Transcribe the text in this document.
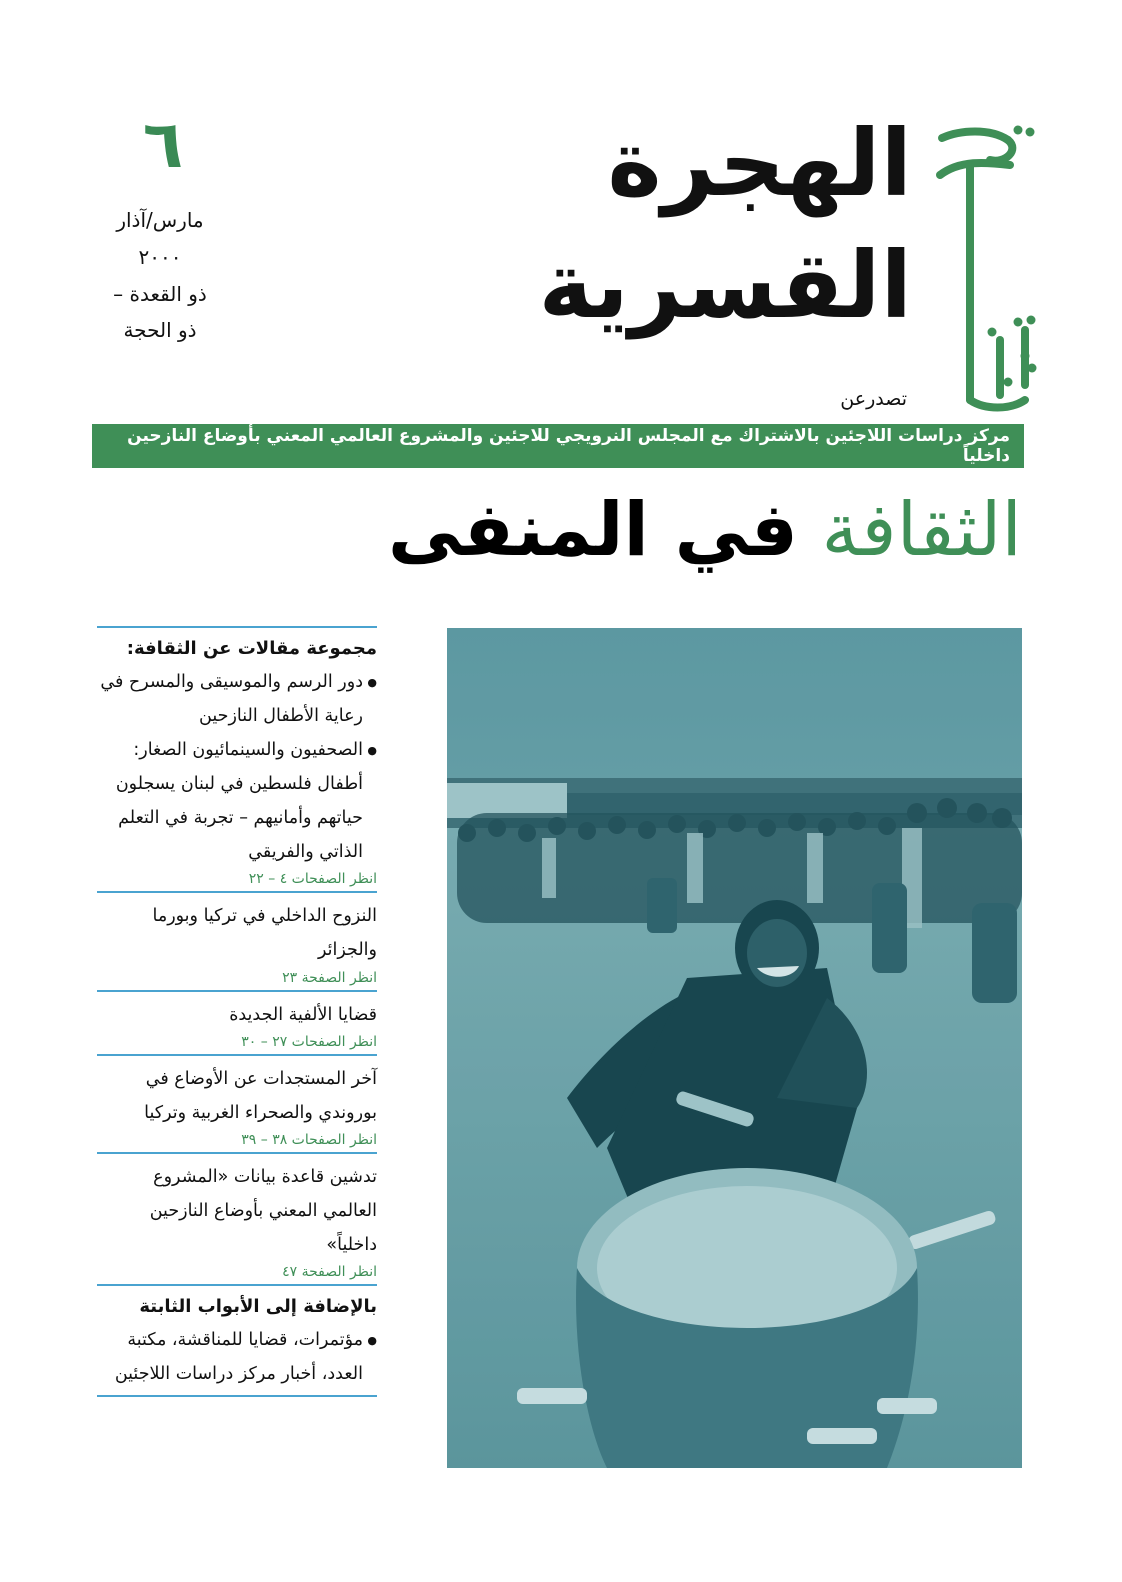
٦
مارس/آذار
٢٠٠٠
ذو القعدة –
ذو الحجة
الهجرة
القسرية
تصدرعن
مركز دراسات اللاجئين بالاشتراك مع المجلس النرويجي للاجئين والمشروع العالمي المعني بأوضاع النازحين داخلياً
الثقافة في المنفى
مجموعة مقالات عن الثقافة:
● دور الرسم والموسيقى والمسرح في رعاية الأطفال النازحين
● الصحفيون والسينمائيون الصغار: أطفال فلسطين في لبنان يسجلون حياتهم وأمانيهم – تجربة في التعلم الذاتي والفريقي
انظر الصفحات ٤ – ٢٢
النزوح الداخلي في تركيا وبورما والجزائر
انظر الصفحة ٢٣
قضايا الألفية الجديدة
انظر الصفحات ٢٧ – ٣٠
آخر المستجدات عن الأوضاع في بوروندي والصحراء الغربية وتركيا
انظر الصفحات ٣٨ – ٣٩
تدشين قاعدة بيانات «المشروع العالمي المعني بأوضاع النازحين داخلياً»
انظر الصفحة ٤٧
بالإضافة إلى الأبواب الثابتة
● مؤتمرات، قضايا للمناقشة، مكتبة العدد، أخبار مركز دراسات اللاجئين
